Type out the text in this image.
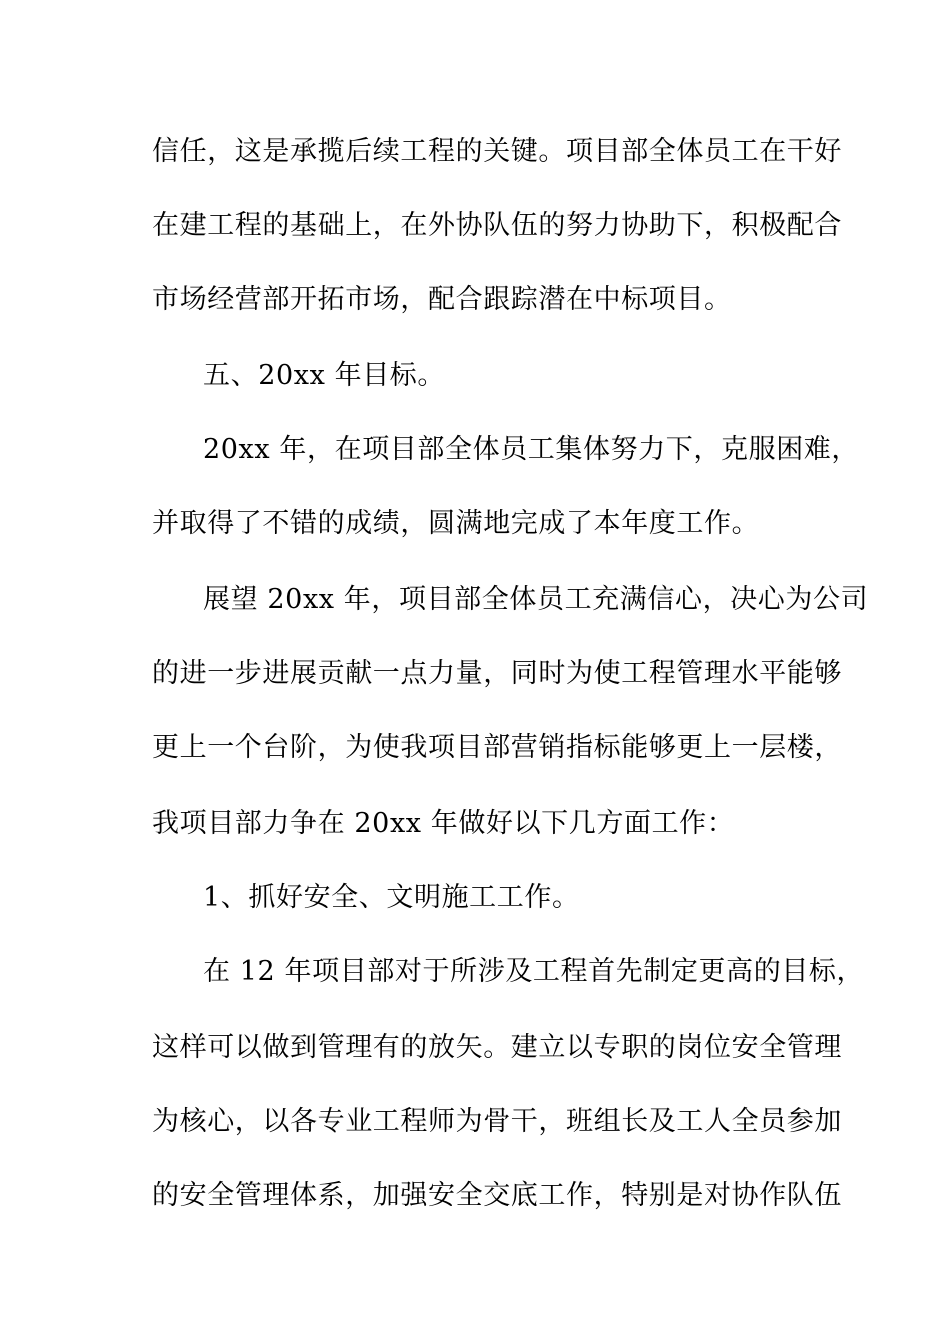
信任，这是承揽后续工程的关键。项目部全体员工在干好
在建工程的基础上，在外协队伍的努力协助下，积极配合
市场经营部开拓市场，配合跟踪潜在中标项目。
五、20xx 年目标。
20xx 年，在项目部全体员工集体努力下，克服困难，
并取得了不错的成绩，圆满地完成了本年度工作。
展望 20xx 年，项目部全体员工充满信心，决心为公司
的进一步进展贡献一点力量，同时为使工程管理水平能够
更上一个台阶，为使我项目部营销指标能够更上一层楼，
我项目部力争在 20xx 年做好以下几方面工作：
1、抓好安全、文明施工工作。
在 12 年项目部对于所涉及工程首先制定更高的目标，
这样可以做到管理有的放矢。建立以专职的岗位安全管理
为核心，以各专业工程师为骨干，班组长及工人全员参加
的安全管理体系，加强安全交底工作，特别是对协作队伍
